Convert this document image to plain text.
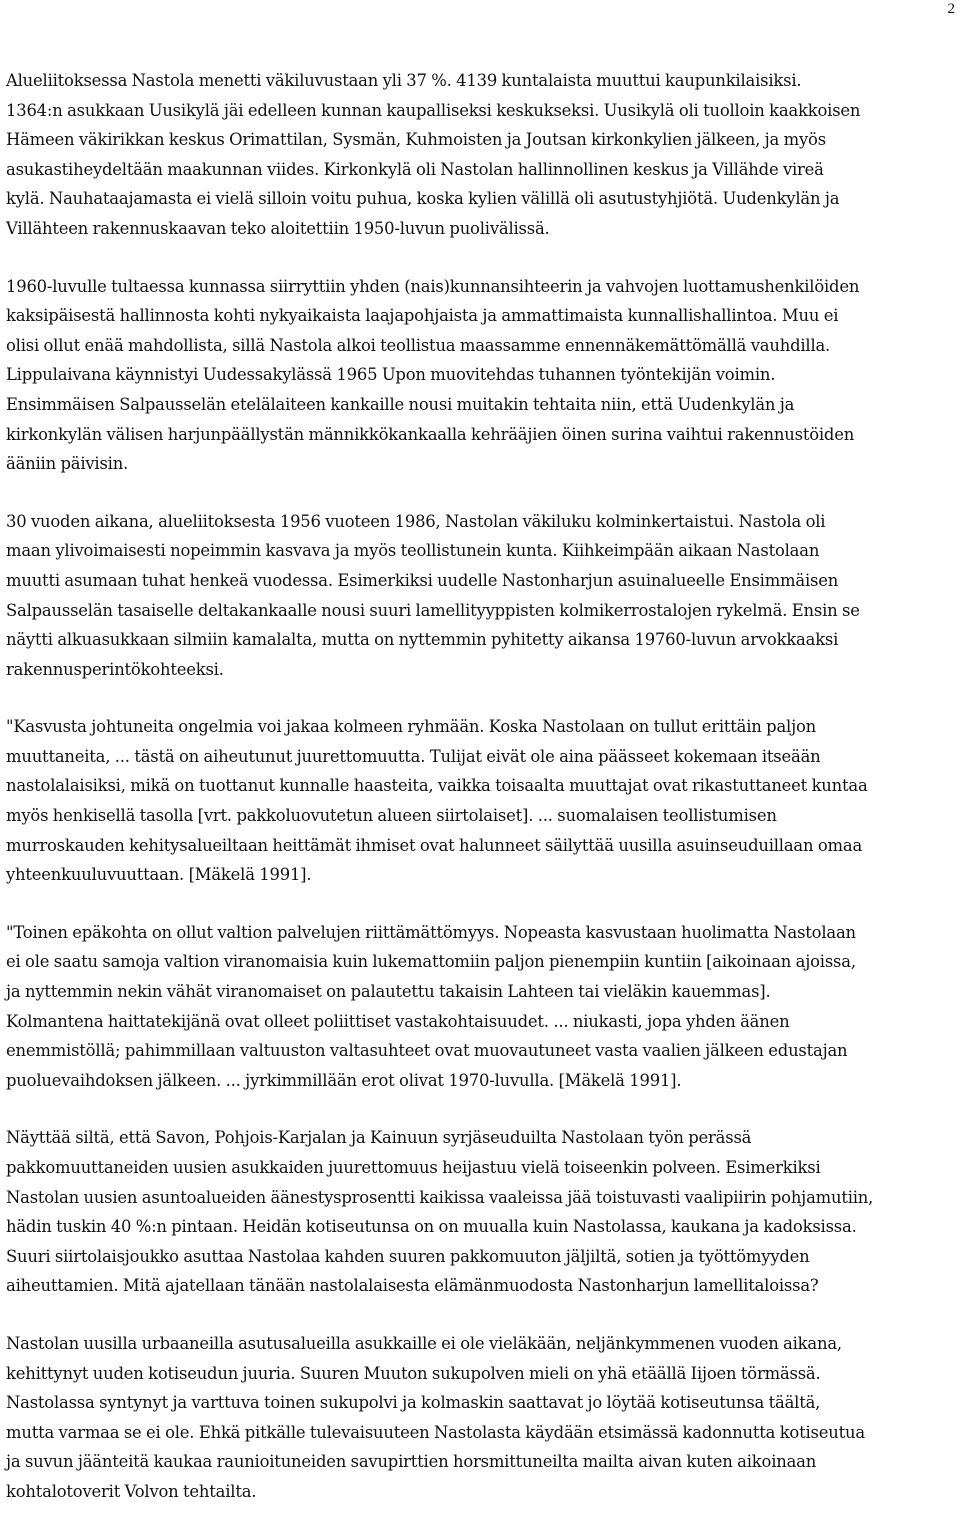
2

Alueliitoksessa Nastola menetti väkiluvustaan yli 37 %. 4139 kuntalaista muuttui kaupunkilaisiksi.
1364:n asukkaan Uusikylä jäi edelleen kunnan kaupalliseksi keskukseksi. Uusikylä oli tuolloin kaakkoisen
Hämeen väkirikkan keskus Orimattilan, Sysmän, Kuhmoisten ja Joutsan kirkonkylien jälkeen, ja myös
asukastiheydeltään maakunnan viides. Kirkonkylä oli Nastolan hallinnollinen keskus ja Villähde vireä
kylä. Nauhataajamasta ei vielä silloin voitu puhua, koska kylien välillä oli asutustyhjiötä. Uudenkylän ja
Villähteen rakennuskaavan teko aloitettiin 1950-luvun puolivälissä.

1960-luvulle tultaessa kunnassa siirryttiin yhden (nais)kunnansihteerin ja vahvojen luottamushenkilöiden
kaksipäisestä hallinnosta kohti nykyaikaista laajapohjaista ja ammattimaista kunnallishallintoa. Muu ei
olisi ollut enää mahdollista, sillä Nastola alkoi teollistua maassamme ennennäkemättömällä vauhdilla.
Lippulaivana käynnistyi Uudessakylässä 1965 Upon muovitehdas tuhannen työntekijän voimin.
Ensimmäisen Salpausselän etelälaiteen kankaille nousi muitakin tehtaita niin, että Uudenkylän ja
kirkonkylän välisen harjunpäällystän männikkökankaalla kehrääjien öinen surina vaihtui rakennustöiden
ääniin päivisin.

30 vuoden aikana, alueliitoksesta 1956 vuoteen 1986, Nastolan väkiluku kolminkertaistui. Nastola oli
maan ylivoimaisesti nopeimmin kasvava ja myös teollistunein kunta. Kiihkeimpään aikaan Nastolaan
muutti asumaan tuhat henkeä vuodessa. Esimerkiksi uudelle Nastonharjun asuinalueelle Ensimmäisen
Salpausselän tasaiselle deltakankaalle nousi suuri lamellityyppisten kolmikerrostalojen rykelmä. Ensin se
näytti alkuasukkaan silmiin kamalalta, mutta on nyttemmin pyhitetty aikansa 19760-luvun arvokkaaksi
rakennusperintökohteeksi.

"Kasvusta johtuneita ongelmia voi jakaa kolmeen ryhmään. Koska Nastolaan on tullut erittäin paljon
muuttaneita, ... tästä on aiheutunut juurettomuutta. Tulijat eivät ole aina päässeet kokemaan itseään
nastolalaisiksi, mikä on tuottanut kunnalle haasteita, vaikka toisaalta muuttajat ovat rikastuttaneet kuntaa
myös henkisellä tasolla [vrt. pakkoluovutetun alueen siirtolaiset]. ... suomalaisen teollistumisen
murroskauden kehitysalueiltaan heittämät ihmiset ovat halunneet säilyttää uusilla asuinseuduillaan omaa
yhteenkuuluvuuttaan. [Mäkelä 1991].

"Toinen epäkohta on ollut valtion palvelujen riittämättömyys. Nopeasta kasvustaan huolimatta Nastolaan
ei ole saatu samoja valtion viranomaisia kuin lukemattomiin paljon pienempiin kuntiin [aikoinaan ajoissa,
ja nyttemmin nekin vähät viranomaiset on palautettu takaisin Lahteen tai vieläkin kauemmas].
Kolmantena haittatekijänä ovat olleet poliittiset vastakohtaisuudet. ... niukasti, jopa yhden äänen
enemmistöllä; pahimmillaan valtuuston valtasuhteet ovat muovautuneet vasta vaalien jälkeen edustajan
puoluevaihdoksen jälkeen. ... jyrkimmillään erot olivat 1970-luvulla. [Mäkelä 1991].

Näyttää siltä, että Savon, Pohjois-Karjalan ja Kainuun syrjäseuduilta Nastolaan työn perässä
pakkomuuttaneiden uusien asukkaiden juurettomuus heijastuu vielä toiseenkin polveen. Esimerkiksi
Nastolan uusien asuntoalueiden äänestysprosentti kaikissa vaaleissa jää toistuvasti vaalipiirin pohjamutiin,
hädin tuskin 40 %:n pintaan. Heidän kotiseutunsa on on muualla kuin Nastolassa, kaukana ja kadoksissa.
Suuri siirtolaisjoukko asuttaa Nastolaa kahden suuren pakkomuuton jäljiltä, sotien ja työttömyyden
aiheuttamien. Mitä ajatellaan tänään nastolalaisesta elämänmuodosta Nastonharjun lamellitaloissa?

Nastolan uusilla urbaaneilla asutusalueilla asukkaille ei ole vieläkään, neljänkymmenen vuoden aikana,
kehittynyt uuden kotiseudun juuria. Suuren Muuton sukupolven mieli on yhä etäällä Iijoen törmässä.
Nastolassa syntynyt ja varttuva toinen sukupolvi ja kolmaskin saattavat jo löytää kotiseutunsa täältä,
mutta varmaa se ei ole. Ehkä pitkälle tulevaisuuteen Nastolasta käydään etsimässä kadonnutta kotiseutua
ja suvun jäänteitä kaukaa raunioituneiden savupirttien horsmittuneilta mailta aivan kuten aikoinaan
kohtalotoverit Volvon tehtailta.
